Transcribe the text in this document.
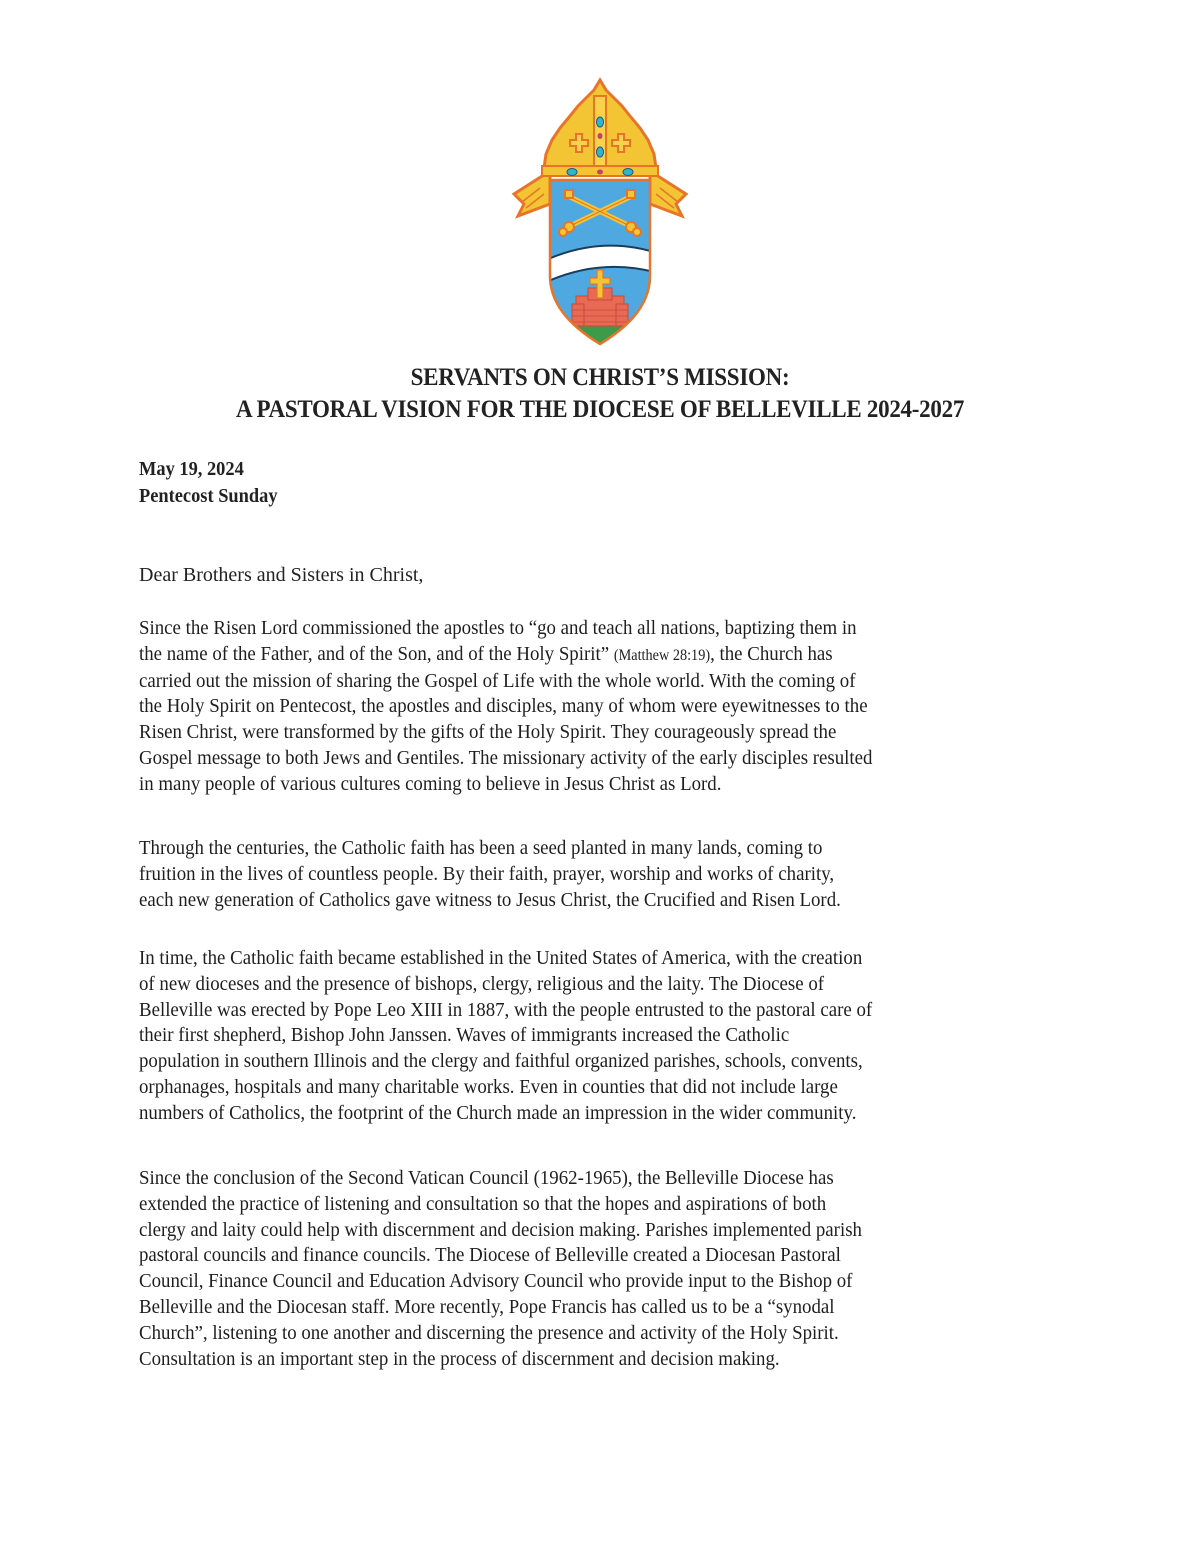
SERVANTS ON CHRIST’S MISSION:
A PASTORAL VISION FOR THE DIOCESE OF BELLEVILLE 2024-2027
May 19, 2024
Pentecost Sunday
Dear Brothers and Sisters in Christ,
Since the Risen Lord commissioned the apostles to “go and teach all nations, baptizing them in
the name of the Father, and of the Son, and of the Holy Spirit” (Matthew 28:19), the Church has
carried out the mission of sharing the Gospel of Life with the whole world. With the coming of
the Holy Spirit on Pentecost, the apostles and disciples, many of whom were eyewitnesses to the
Risen Christ, were transformed by the gifts of the Holy Spirit. They courageously spread the
Gospel message to both Jews and Gentiles. The missionary activity of the early disciples resulted
in many people of various cultures coming to believe in Jesus Christ as Lord.
Through the centuries, the Catholic faith has been a seed planted in many lands, coming to
fruition in the lives of countless people. By their faith, prayer, worship and works of charity,
each new generation of Catholics gave witness to Jesus Christ, the Crucified and Risen Lord.
In time, the Catholic faith became established in the United States of America, with the creation
of new dioceses and the presence of bishops, clergy, religious and the laity. The Diocese of
Belleville was erected by Pope Leo XIII in 1887, with the people entrusted to the pastoral care of
their first shepherd, Bishop John Janssen. Waves of immigrants increased the Catholic
population in southern Illinois and the clergy and faithful organized parishes, schools, convents,
orphanages, hospitals and many charitable works. Even in counties that did not include large
numbers of Catholics, the footprint of the Church made an impression in the wider community.
Since the conclusion of the Second Vatican Council (1962-1965), the Belleville Diocese has
extended the practice of listening and consultation so that the hopes and aspirations of both
clergy and laity could help with discernment and decision making. Parishes implemented parish
pastoral councils and finance councils. The Diocese of Belleville created a Diocesan Pastoral
Council, Finance Council and Education Advisory Council who provide input to the Bishop of
Belleville and the Diocesan staff. More recently, Pope Francis has called us to be a “synodal
Church”, listening to one another and discerning the presence and activity of the Holy Spirit.
Consultation is an important step in the process of discernment and decision making.
